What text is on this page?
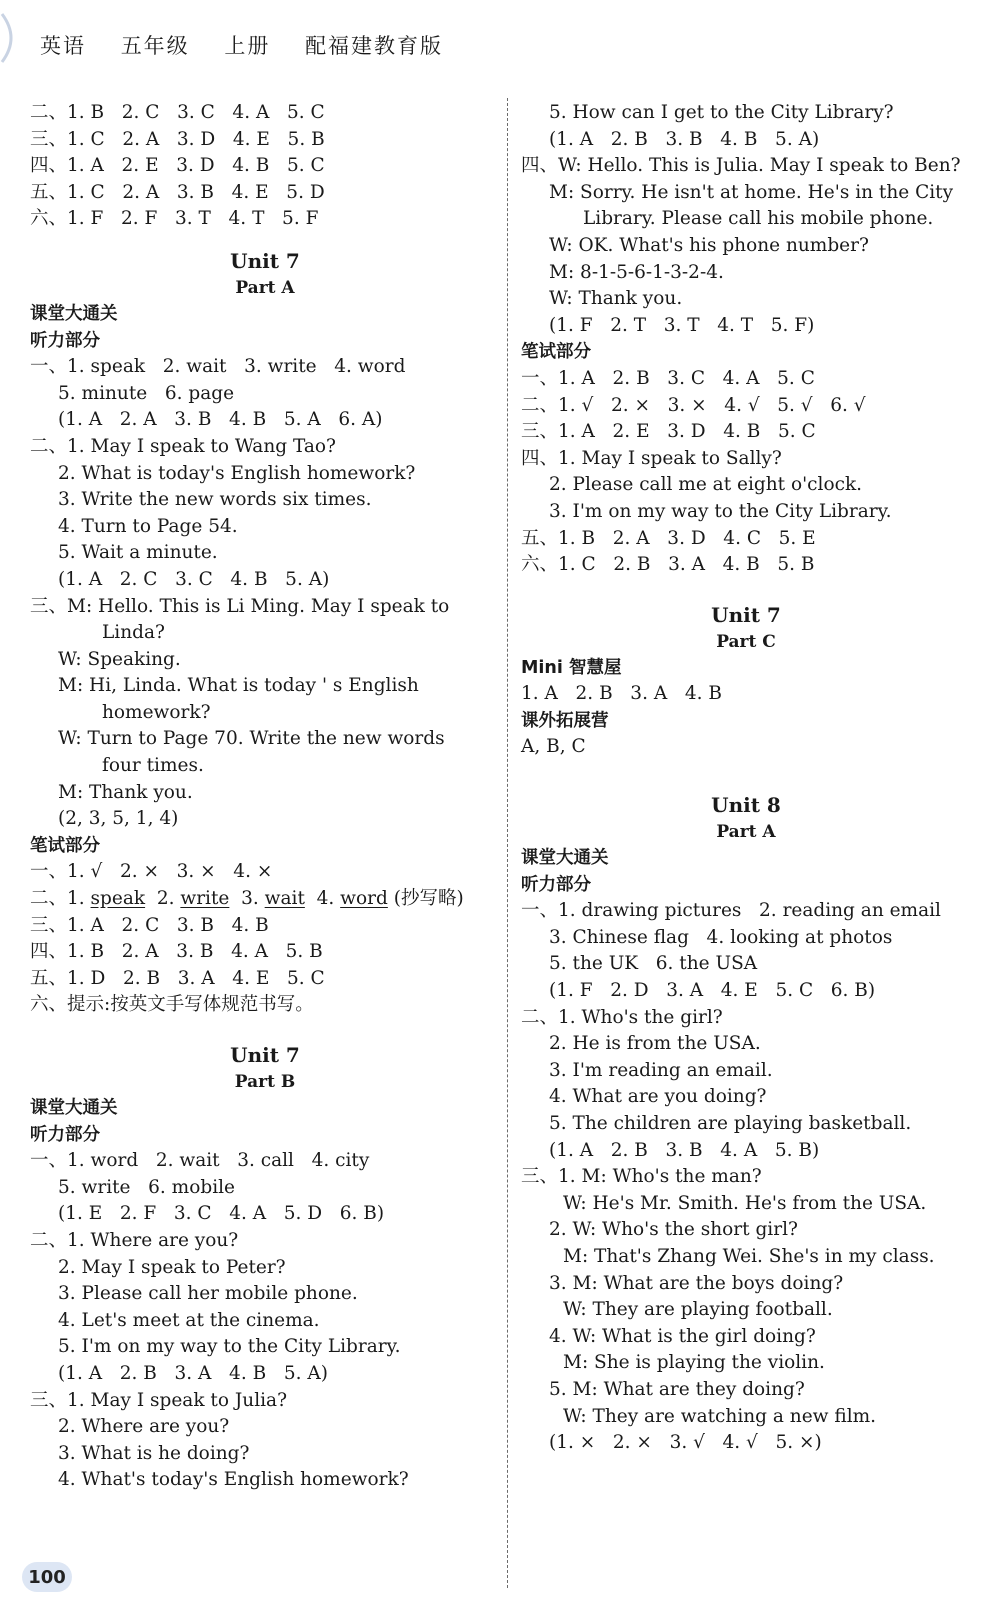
英语 五年级 上册 配福建教育版
二、1. B   2. C   3. C   4. A   5. C
三、1. C   2. A   3. D   4. E   5. B
四、1. A   2. E   3. D   4. B   5. C
五、1. C   2. A   3. B   4. E   5. D
六、1. F   2. F   3. T   4. T   5. F
Unit 7
Part A
课堂大通关
听力部分
一、1. speak   2. wait   3. write   4. word
5. minute   6. page
(1. A   2. A   3. B   4. B   5. A   6. A)
二、1. May I speak to Wang Tao?
2. What is today's English homework?
3. Write the new words six times.
4. Turn to Page 54.
5. Wait a minute.
(1. A   2. C   3. C   4. B   5. A)
三、M: Hello. This is Li Ming. May I speak to
Linda?
W: Speaking.
M: Hi, Linda. What is today ' s English
homework?
W: Turn to Page 70. Write the new words
four times.
M: Thank you.
(2, 3, 5, 1, 4)
笔试部分
一、1. √   2. ×   3. ×   4. ×
二、1. speak  2. write  3. wait  4. word (抄写略)
三、1. A   2. C   3. B   4. B
四、1. B   2. A   3. B   4. A   5. B
五、1. D   2. B   3. A   4. E   5. C
六、提示:按英文手写体规范书写。
Unit 7
Part B
课堂大通关
听力部分
一、1. word   2. wait   3. call   4. city
5. write   6. mobile
(1. E   2. F   3. C   4. A   5. D   6. B)
二、1. Where are you?
2. May I speak to Peter?
3. Please call her mobile phone.
4. Let's meet at the cinema.
5. I'm on my way to the City Library.
(1. A   2. B   3. A   4. B   5. A)
三、1. May I speak to Julia?
2. Where are you?
3. What is he doing?
4. What's today's English homework?
5. How can I get to the City Library?
(1. A   2. B   3. B   4. B   5. A)
四、W: Hello. This is Julia. May I speak to Ben?
M: Sorry. He isn't at home. He's in the City
Library. Please call his mobile phone.
W: OK. What's his phone number?
M: 8-1-5-6-1-3-2-4.
W: Thank you.
(1. F   2. T   3. T   4. T   5. F)
笔试部分
一、1. A   2. B   3. C   4. A   5. C
二、1. √   2. ×   3. ×   4. √   5. √   6. √
三、1. A   2. E   3. D   4. B   5. C
四、1. May I speak to Sally?
2. Please call me at eight o'clock.
3. I'm on my way to the City Library.
五、1. B   2. A   3. D   4. C   5. E
六、1. C   2. B   3. A   4. B   5. B
Unit 7
Part C
Mini 智慧屋
1. A   2. B   3. A   4. B
课外拓展营
A, B, C
Unit 8
Part A
课堂大通关
听力部分
一、1. drawing pictures   2. reading an email
3. Chinese flag   4. looking at photos
5. the UK   6. the USA
(1. F   2. D   3. A   4. E   5. C   6. B)
二、1. Who's the girl?
2. He is from the USA.
3. I'm reading an email.
4. What are you doing?
5. The children are playing basketball.
(1. A   2. B   3. B   4. A   5. B)
三、1. M: Who's the man?
W: He's Mr. Smith. He's from the USA.
2. W: Who's the short girl?
M: That's Zhang Wei. She's in my class.
3. M: What are the boys doing?
W: They are playing football.
4. W: What is the girl doing?
M: She is playing the violin.
5. M: What are they doing?
W: They are watching a new film.
(1. ×   2. ×   3. √   4. √   5. ×)
100
